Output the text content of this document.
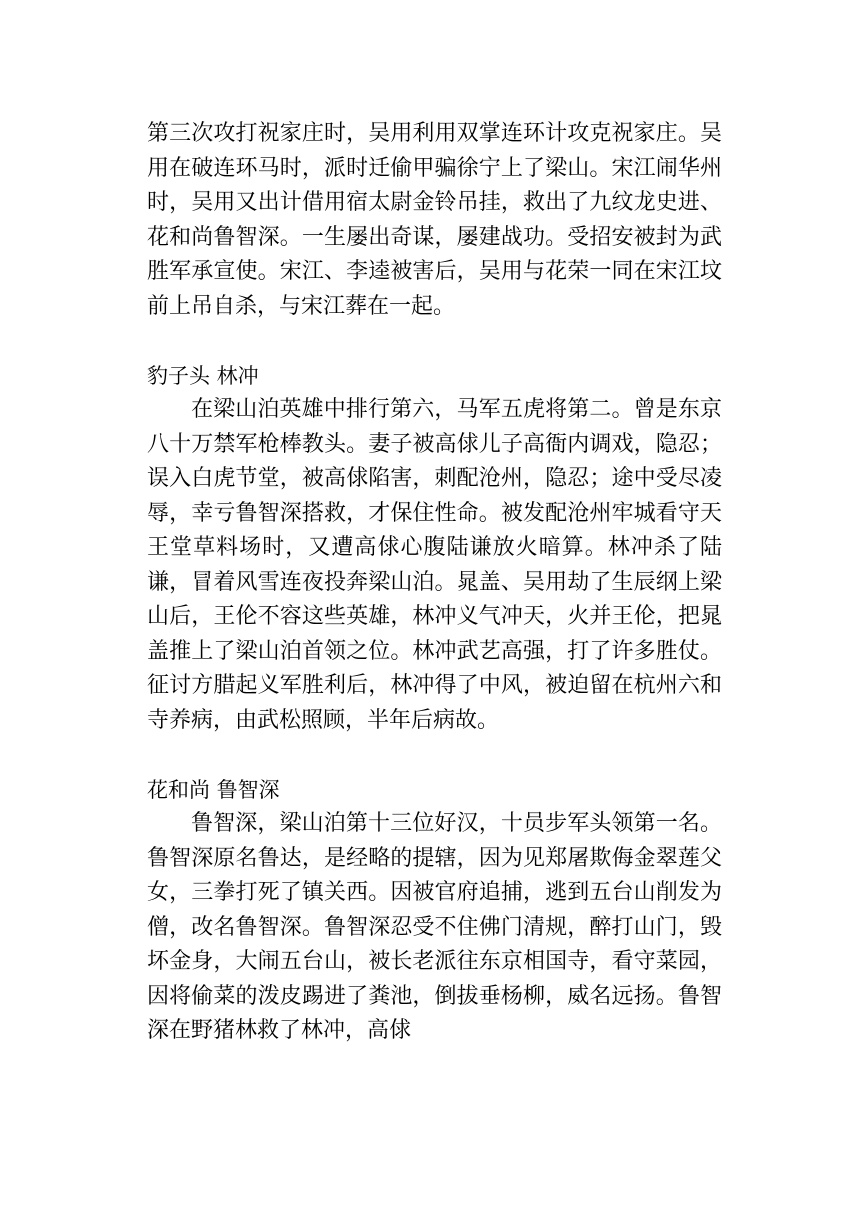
第三次攻打祝家庄时，吴用利用双掌连环计攻克祝家庄。吴用在破连环马时，派时迁偷甲骗徐宁上了梁山。宋江闹华州时，吴用又出计借用宿太尉金铃吊挂，救出了九纹龙史进、花和尚鲁智深。一生屡出奇谋，屡建战功。受招安被封为武胜军承宣使。宋江、李逵被害后，吴用与花荣一同在宋江坟前上吊自杀，与宋江葬在一起。

豹子头 林冲

在梁山泊英雄中排行第六，马军五虎将第二。曾是东京八十万禁军枪棒教头。妻子被高俅儿子高衙内调戏，隐忍；误入白虎节堂，被高俅陷害，刺配沧州，隐忍；途中受尽凌辱，幸亏鲁智深搭救，才保住性命。被发配沧州牢城看守天王堂草料场时，又遭高俅心腹陆谦放火暗算。林冲杀了陆谦，冒着风雪连夜投奔梁山泊。晁盖、吴用劫了生辰纲上梁山后，王伦不容这些英雄，林冲义气冲天，火并王伦，把晁盖推上了梁山泊首领之位。林冲武艺高强，打了许多胜仗。征讨方腊起义军胜利后，林冲得了中风，被迫留在杭州六和寺养病，由武松照顾，半年后病故。

花和尚 鲁智深

鲁智深，梁山泊第十三位好汉，十员步军头领第一名。鲁智深原名鲁达，是经略的提辖，因为见郑屠欺侮金翠莲父女，三拳打死了镇关西。因被官府追捕，逃到五台山削发为僧，改名鲁智深。鲁智深忍受不住佛门清规，醉打山门，毁坏金身，大闹五台山，被长老派往东京相国寺，看守菜园，因将偷菜的泼皮踢进了粪池，倒拔垂杨柳，威名远扬。鲁智深在野猪林救了林冲，高俅
